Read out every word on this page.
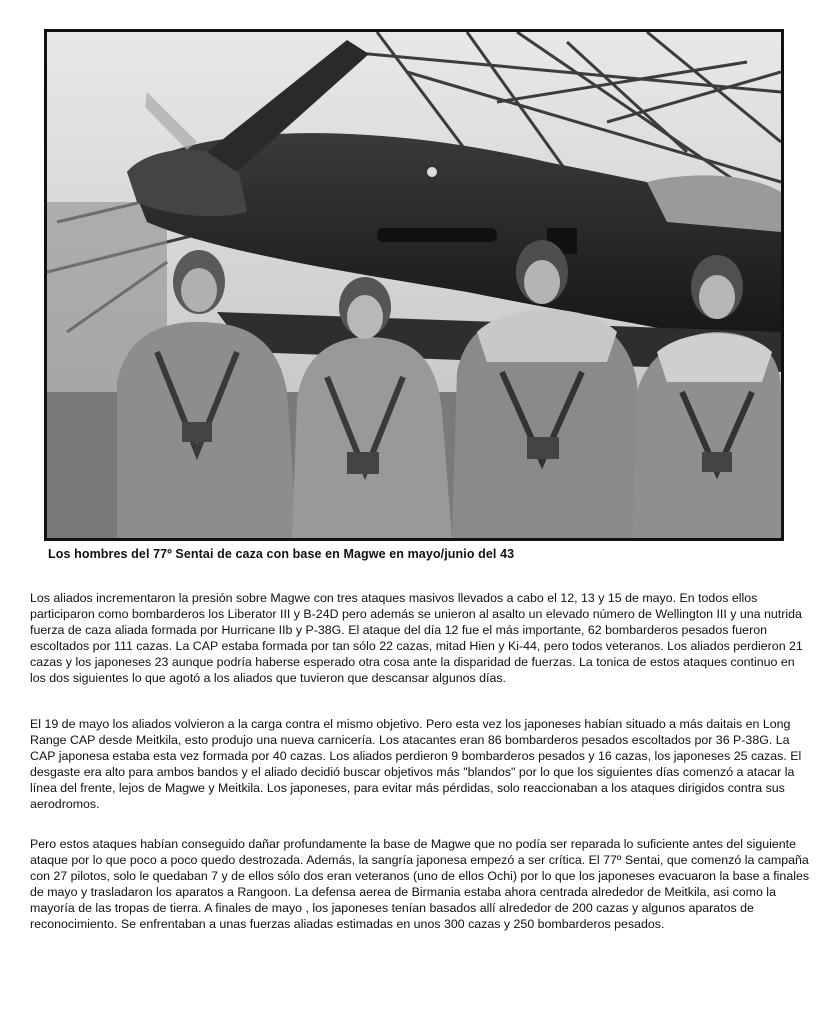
Los hombres del 77º Sentai de caza con base en Magwe en mayo/junio del 43

Los aliados incrementaron la presión sobre Magwe con tres ataques masivos llevados a cabo el 12, 13 y 15 de mayo. En todos ellos participaron como bombarderos los Liberator III y B-24D pero además se unieron al asalto un elevado número de Wellington III y una nutrida fuerza de caza aliada formada por Hurricane IIb y P-38G. El ataque del día 12 fue el más importante, 62 bombarderos pesados fueron escoltados por 111 cazas. La CAP estaba formada por tan sólo 22 cazas, mitad Hien y Ki-44, pero todos veteranos. Los aliados perdieron 21 cazas y los japoneses 23 aunque podría haberse esperado otra cosa ante la disparidad de fuerzas. La tonica de estos ataques continuo en los dos siguientes lo que agotó a los aliados que tuvieron que descansar algunos días.

El 19 de mayo los aliados volvieron a la carga contra el mismo objetivo. Pero esta vez los japoneses habían situado a más daitais en Long Range CAP desde Meitkila, esto produjo una nueva carnicería. Los atacantes eran 86 bombarderos pesados escoltados por 36 P-38G. La CAP japonesa estaba esta vez formada por 40 cazas. Los aliados perdieron 9 bombarderos pesados y 16 cazas, los japoneses 25 cazas. El desgaste era alto para ambos bandos y el aliado decidió buscar objetivos más "blandos" por lo que los siguientes días comenzó a atacar la línea del frente, lejos de Magwe y Meitkila. Los japoneses, para evitar más pérdidas, solo reaccionaban a los ataques dirigidos contra sus aerodromos.

Pero estos ataques habían conseguido dañar profundamente la base de Magwe que no podía ser reparada lo suficiente antes del siguiente ataque por lo que poco a poco quedo destrozada. Además, la sangría japonesa empezó a ser crítica. El 77º Sentai, que comenzó la campaña con 27 pilotos, solo le quedaban 7 y de ellos sólo dos eran veteranos (uno de ellos Ochi) por lo que los japoneses evacuaron la base a finales de mayo y trasladaron los aparatos a Rangoon. La defensa aerea de Birmania estaba ahora centrada alrededor de Meitkila, asi como la mayoría de las tropas de tierra. A finales de mayo , los japoneses tenían basados allí alrededor de 200 cazas y algunos aparatos de reconocimiento. Se enfrentaban a unas fuerzas aliadas estimadas en unos 300 cazas y 250 bombarderos pesados.
